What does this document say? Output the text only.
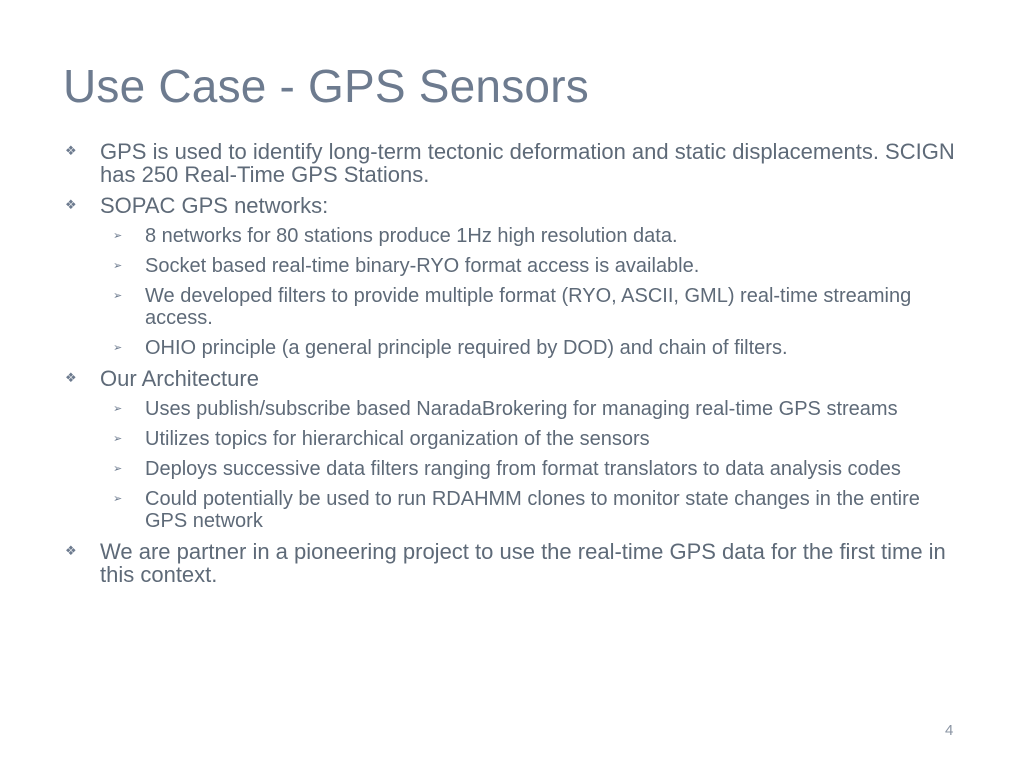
Use Case - GPS Sensors
❖ GPS is used to identify long-term tectonic deformation and static displacements. SCIGN has 250 Real-Time GPS Stations.
❖ SOPAC GPS networks:
➢ 8 networks for 80 stations produce 1Hz high resolution data.
➢ Socket based real-time binary-RYO format access is available.
➢ We developed filters to provide multiple format (RYO, ASCII, GML) real-time streaming access.
➢ OHIO principle (a general principle required by DOD) and chain of filters.
❖ Our Architecture
➢ Uses publish/subscribe based NaradaBrokering for managing real-time GPS streams
➢ Utilizes topics for hierarchical organization of the sensors
➢ Deploys successive data filters ranging from format translators to data analysis codes
➢ Could potentially be used to run RDAHMM clones to monitor state changes in the entire GPS network
❖ We are partner in a pioneering project to use the real-time GPS data for the first time in this context.
4
